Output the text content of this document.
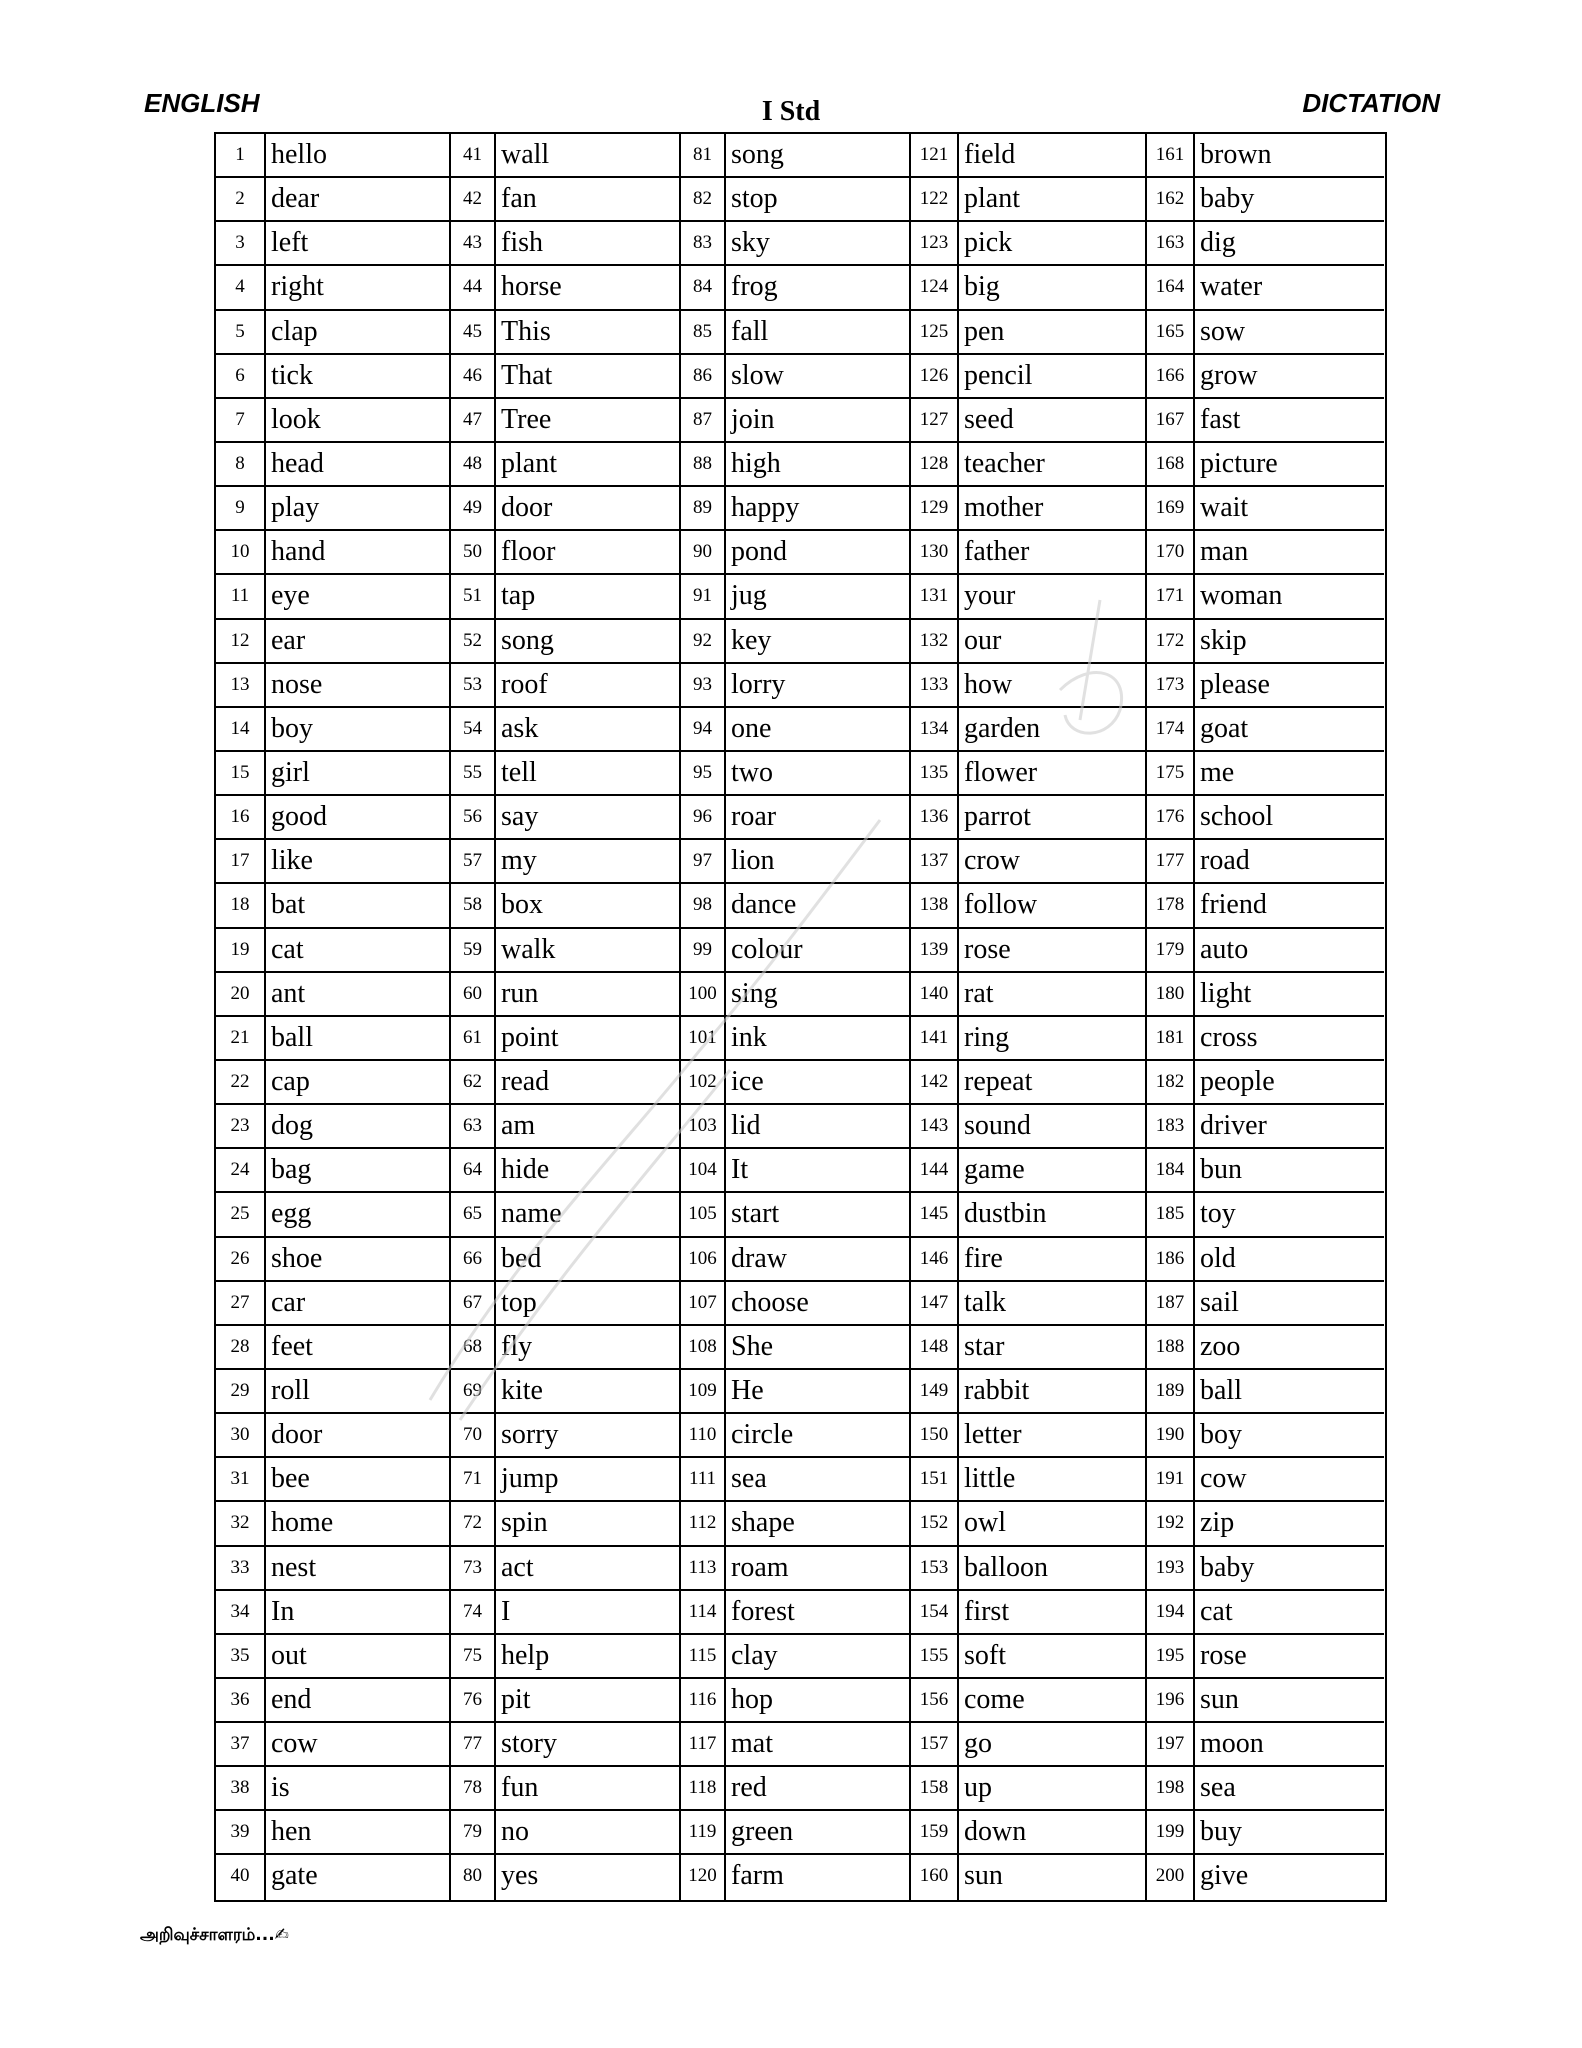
ENGLISH	I Std	DICTATION
1 hello	41 wall	81 song	121 field	161 brown
2 dear	42 fan	82 stop	122 plant	162 baby
3 left	43 fish	83 sky	123 pick	163 dig
4 right	44 horse	84 frog	124 big	164 water
5 clap	45 This	85 fall	125 pen	165 sow
6 tick	46 That	86 slow	126 pencil	166 grow
7 look	47 Tree	87 join	127 seed	167 fast
8 head	48 plant	88 high	128 teacher	168 picture
9 play	49 door	89 happy	129 mother	169 wait
10 hand	50 floor	90 pond	130 father	170 man
11 eye	51 tap	91 jug	131 your	171 woman
12 ear	52 song	92 key	132 our	172 skip
13 nose	53 roof	93 lorry	133 how	173 please
14 boy	54 ask	94 one	134 garden	174 goat
15 girl	55 tell	95 two	135 flower	175 me
16 good	56 say	96 roar	136 parrot	176 school
17 like	57 my	97 lion	137 crow	177 road
18 bat	58 box	98 dance	138 follow	178 friend
19 cat	59 walk	99 colour	139 rose	179 auto
20 ant	60 run	100 sing	140 rat	180 light
21 ball	61 point	101 ink	141 ring	181 cross
22 cap	62 read	102 ice	142 repeat	182 people
23 dog	63 am	103 lid	143 sound	183 driver
24 bag	64 hide	104 It	144 game	184 bun
25 egg	65 name	105 start	145 dustbin	185 toy
26 shoe	66 bed	106 draw	146 fire	186 old
27 car	67 top	107 choose	147 talk	187 sail
28 feet	68 fly	108 She	148 star	188 zoo
29 roll	69 kite	109 He	149 rabbit	189 ball
30 door	70 sorry	110 circle	150 letter	190 boy
31 bee	71 jump	111 sea	151 little	191 cow
32 home	72 spin	112 shape	152 owl	192 zip
33 nest	73 act	113 roam	153 balloon	193 baby
34 In	74 I	114 forest	154 first	194 cat
35 out	75 help	115 clay	155 soft	195 rose
36 end	76 pit	116 hop	156 come	196 sun
37 cow	77 story	117 mat	157 go	197 moon
38 is	78 fun	118 red	158 up	198 sea
39 hen	79 no	119 green	159 down	199 buy
40 gate	80 yes	120 farm	160 sun	200 give
அறிவுச்சாளரம்...✍
